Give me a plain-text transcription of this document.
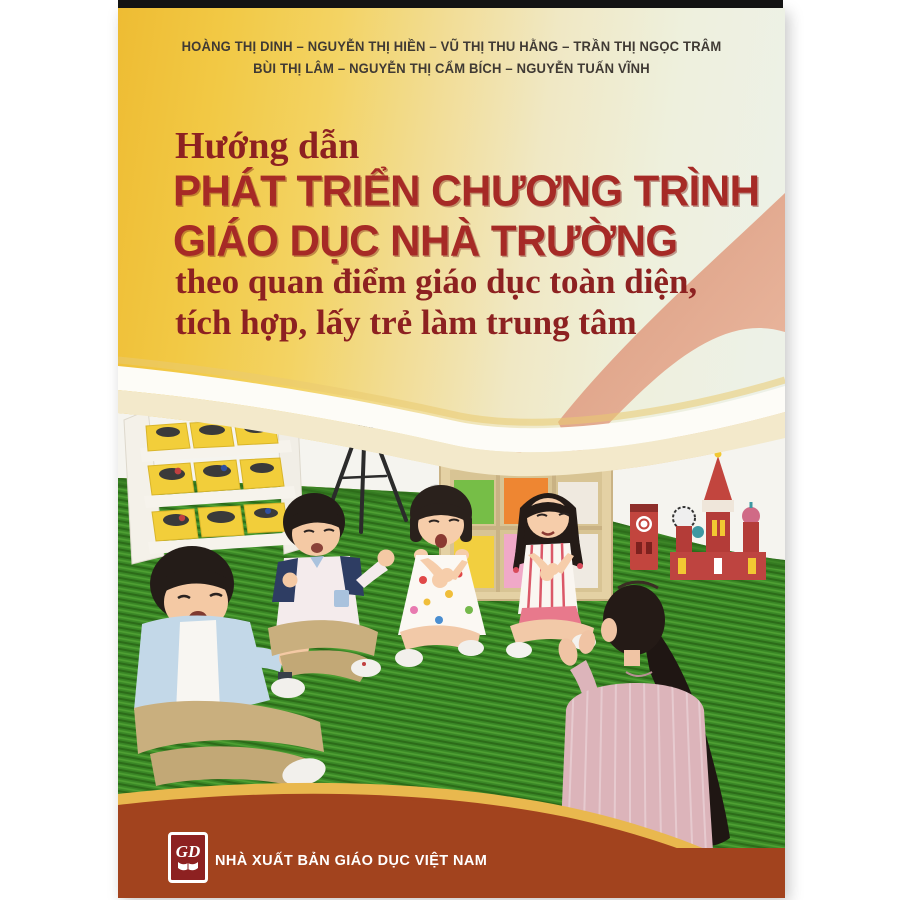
HOÀNG THỊ DINH – NGUYỄN THỊ HIỀN – VŨ THỊ THU HẰNG – TRẦN THỊ NGỌC TRÂM
BÙI THỊ LÂM – NGUYỄN THỊ CẨM BÍCH – NGUYỄN TUẤN VĨNH
Hướng dẫn
PHÁT TRIỂN CHƯƠNG TRÌNH
GIÁO DỤC NHÀ TRƯỜNG
theo quan điểm giáo dục toàn diện,
tích hợp, lấy trẻ làm trung tâm
GD NHÀ XUẤT BẢN GIÁO DỤC VIỆT NAM
